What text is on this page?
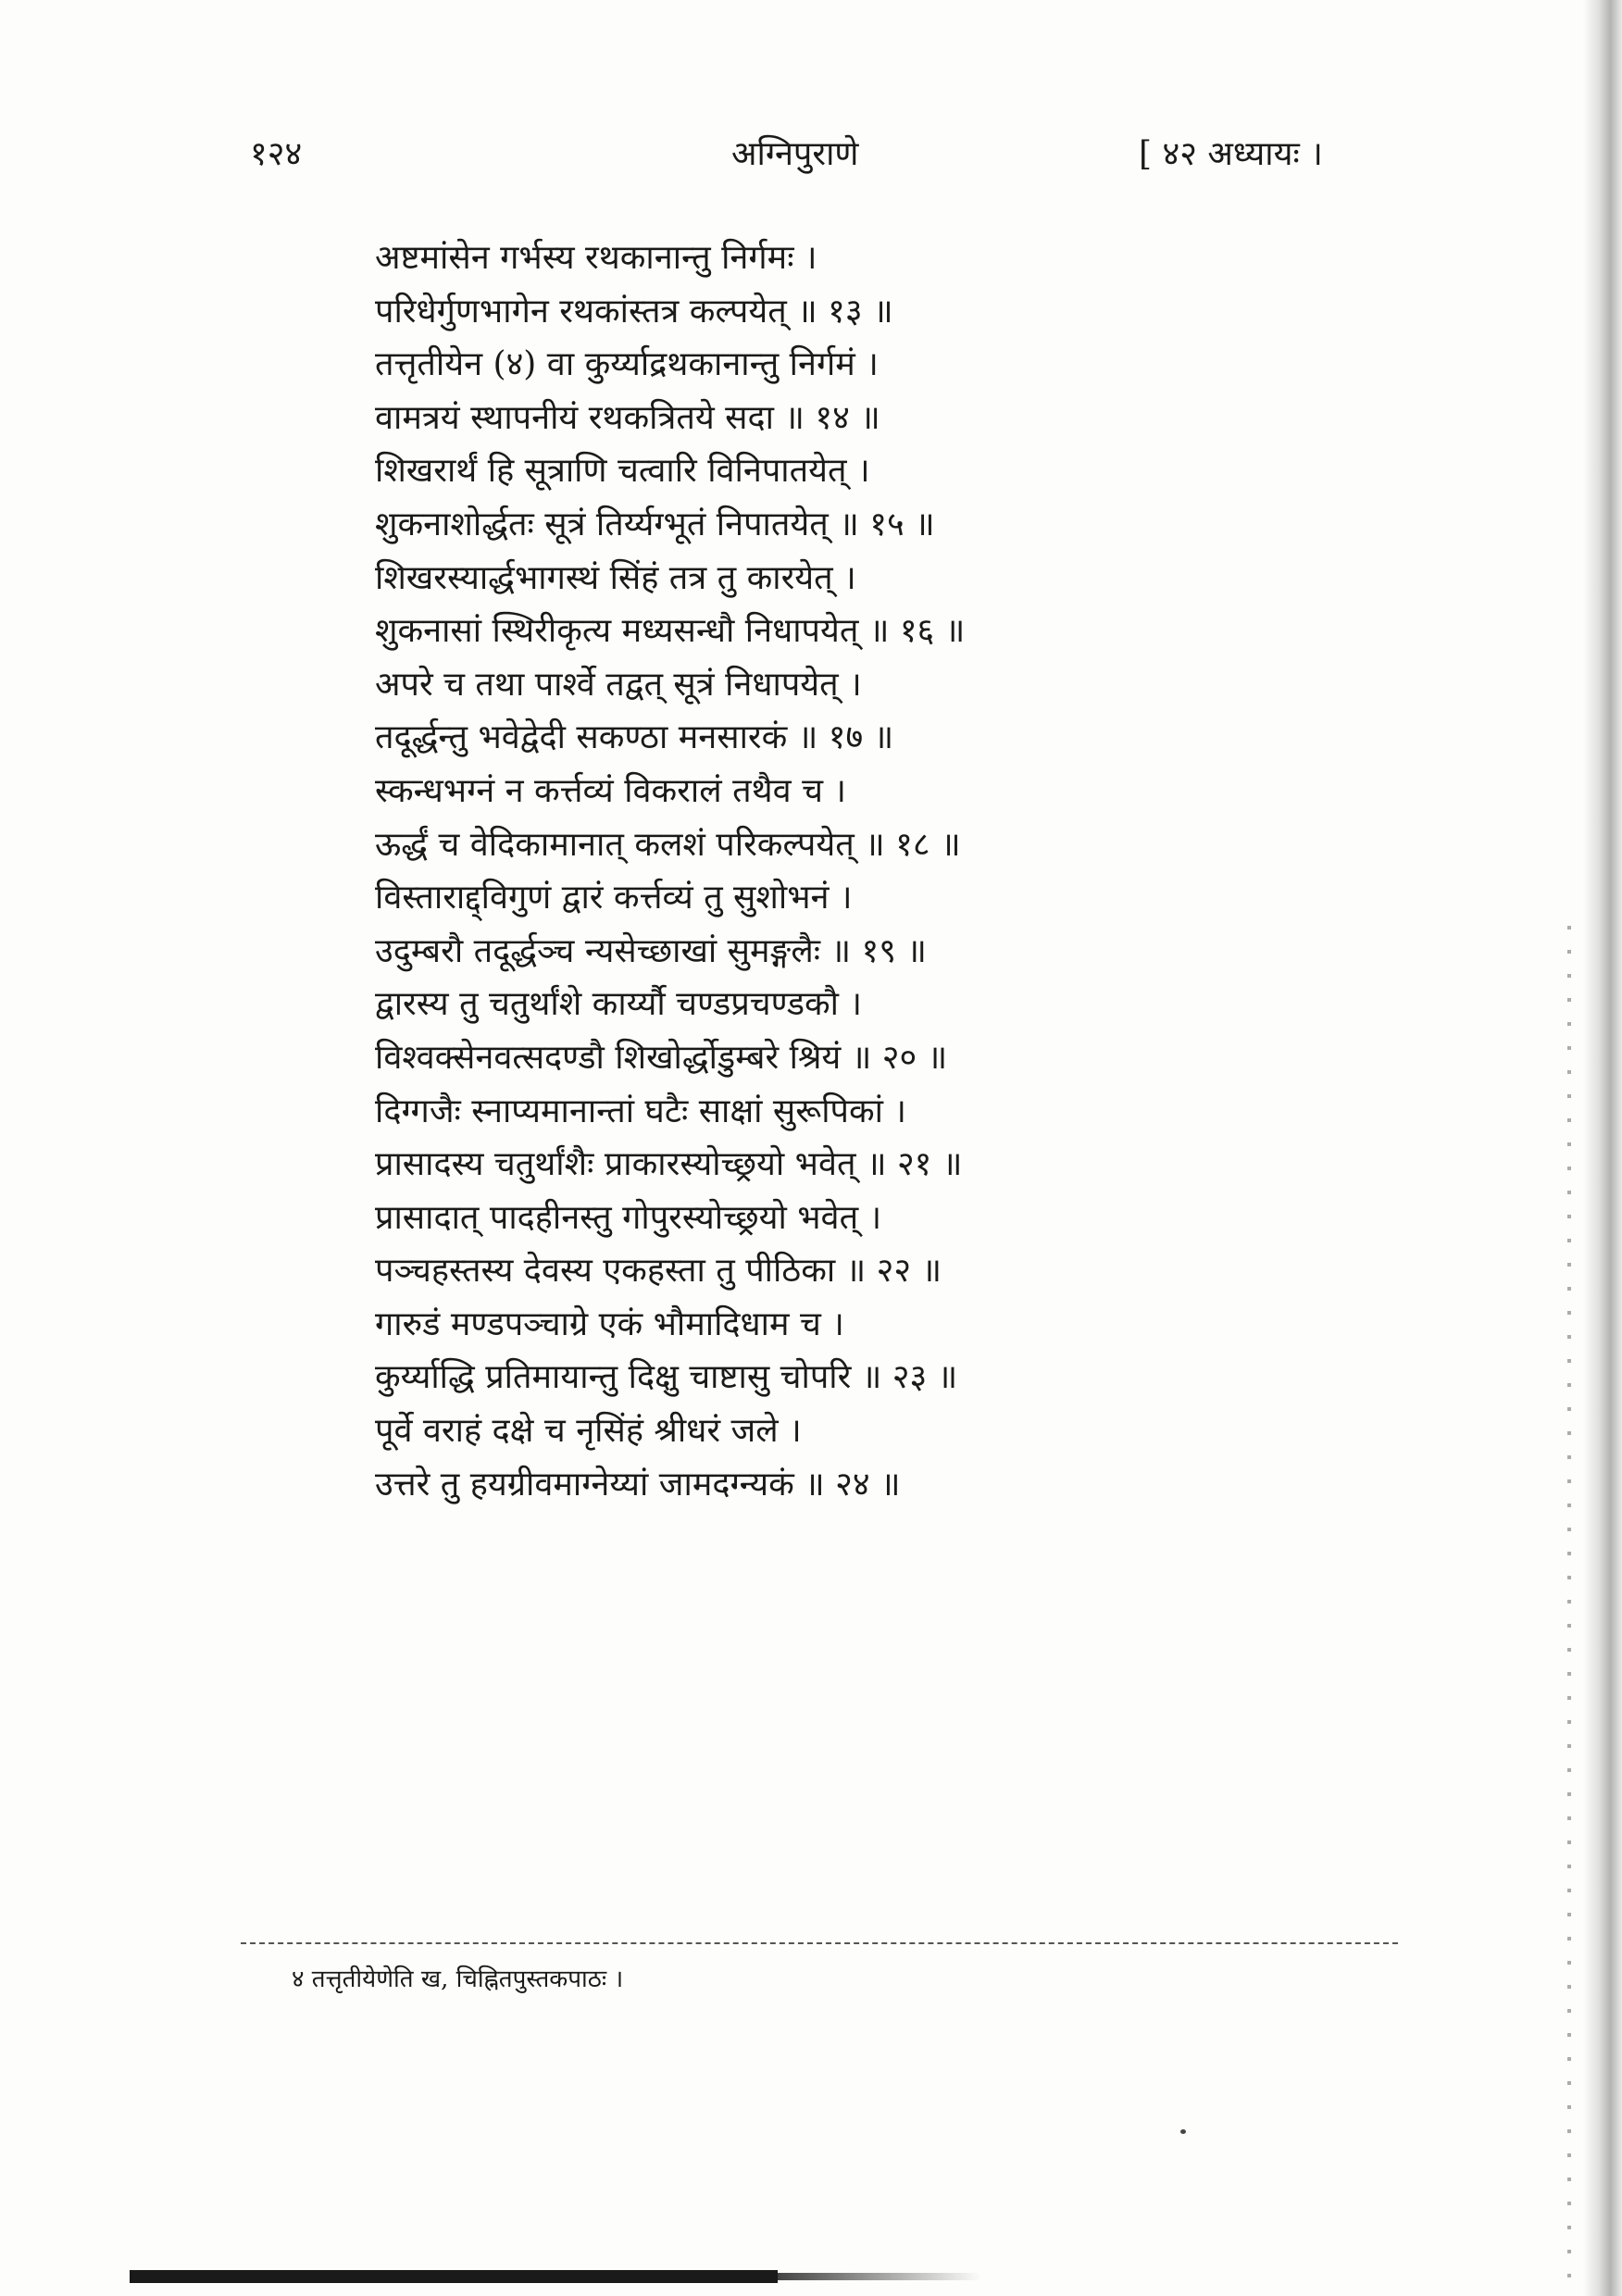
१२४	अग्निपुराणे	[ ४२ अध्यायः ।
अष्टमांसेन गर्भस्य रथकानान्तु निर्गमः ।
परिधेर्गुणभागेन रथकांस्तत्र कल्पयेत् ॥ १३ ॥
तत्तृतीयेन (४) वा कुर्य्याद्रथकानान्तु निर्गमं ।
वामत्रयं स्थापनीयं रथकत्रितये सदा ॥ १४ ॥
शिखरार्थं हि सूत्राणि चत्वारि विनिपातयेत् ।
शुकनाशोर्द्धतः सूत्रं तिर्य्यग्भूतं निपातयेत् ॥ १५ ॥
शिखरस्यार्द्धभागस्थं सिंहं तत्र तु कारयेत् ।
शुकनासां स्थिरीकृत्य मध्यसन्धौ निधापयेत् ॥ १६ ॥
अपरे च तथा पार्श्वे तद्वत् सूत्रं निधापयेत् ।
तदूर्द्धन्तु भवेद्वेदी सकण्ठा मनसारकं ॥ १७ ॥
स्कन्धभग्नं न कर्त्तव्यं विकरालं तथैव च ।
ऊर्द्धं च वेदिकामानात् कलशं परिकल्पयेत् ॥ १८ ॥
विस्ताराद्द्विगुणं द्वारं कर्त्तव्यं तु सुशोभनं ।
उदुम्बरौ तदूर्द्धञ्च न्यसेच्छाखां सुमङ्गलैः ॥ १९ ॥
द्वारस्य तु चतुर्थांशे कार्य्यौ चण्डप्रचण्डकौ ।
विश्वक्सेनवत्सदण्डौ शिखोर्द्धोडुम्बरे श्रियं ॥ २० ॥
दिग्गजैः स्नाप्यमानान्तां घटैः साक्षां सुरूपिकां ।
प्रासादस्य चतुर्थांशैः प्राकारस्योच्छ्रयो भवेत् ॥ २१ ॥
प्रासादात् पादहीनस्तु गोपुरस्योच्छ्रयो भवेत् ।
पञ्चहस्तस्य देवस्य एकहस्ता तु पीठिका ॥ २२ ॥
गारुडं मण्डपञ्चाग्रे एकं भौमादिधाम च ।
कुर्य्याद्धि प्रतिमायान्तु दिक्षु चाष्टासु चोपरि ॥ २३ ॥
पूर्वे वराहं दक्षे च नृसिंहं श्रीधरं जले ।
उत्तरे तु हयग्रीवमाग्नेय्यां जामदग्न्यकं ॥ २४ ॥
४ तत्तृतीयेणेति ख, चिह्नितपुस्तकपाठः ।
